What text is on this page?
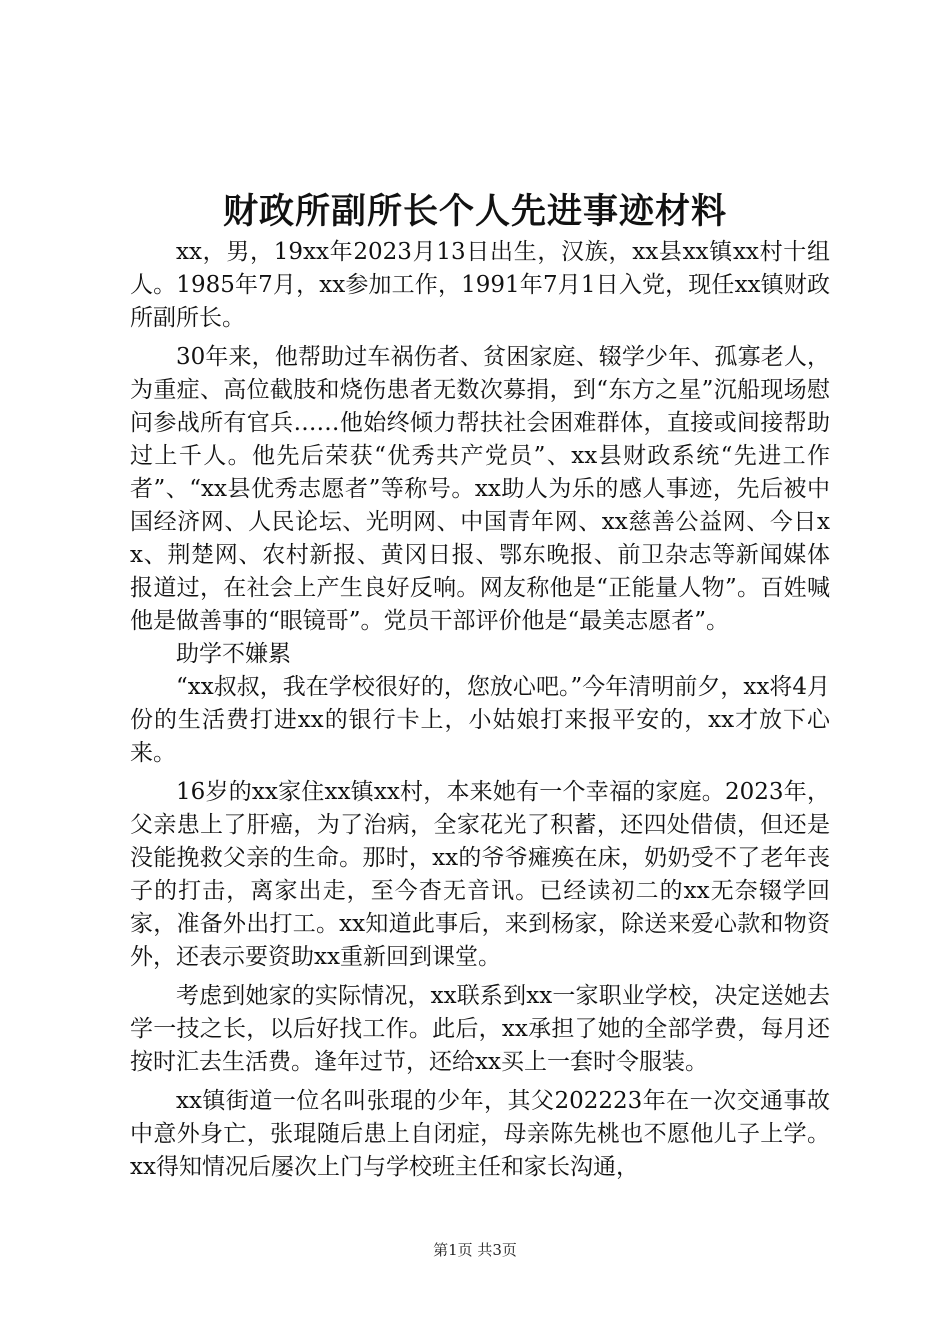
财政所副所长个人先进事迹材料

xx，男，19xx年2023月13日出生，汉族，xx县xx镇xx村十组人。1985年7月，xx参加工作，1991年7月1日入党，现任xx镇财政所副所长。

30年来，他帮助过车祸伤者、贫困家庭、辍学少年、孤寡老人，为重症、高位截肢和烧伤患者无数次募捐，到“东方之星”沉船现场慰问参战所有官兵……他始终倾力帮扶社会困难群体，直接或间接帮助过上千人。他先后荣获“优秀共产党员”、xx县财政系统“先进工作者”、“xx县优秀志愿者”等称号。xx助人为乐的感人事迹，先后被中国经济网、人民论坛、光明网、中国青年网、xx慈善公益网、今日xx、荆楚网、农村新报、黄冈日报、鄂东晚报、前卫杂志等新闻媒体报道过，在社会上产生良好反响。网友称他是“正能量人物”。百姓喊他是做善事的“眼镜哥”。党员干部评价他是“最美志愿者”。

助学不嫌累

“xx叔叔，我在学校很好的，您放心吧。”今年清明前夕，xx将4月份的生活费打进xx的银行卡上，小姑娘打来报平安的，xx才放下心来。

16岁的xx家住xx镇xx村，本来她有一个幸福的家庭。2023年，父亲患上了肝癌，为了治病，全家花光了积蓄，还四处借债，但还是没能挽救父亲的生命。那时，xx的爷爷瘫痪在床，奶奶受不了老年丧子的打击，离家出走，至今杳无音讯。已经读初二的xx无奈辍学回家，准备外出打工。xx知道此事后，来到杨家，除送来爱心款和物资外，还表示要资助xx重新回到课堂。

考虑到她家的实际情况，xx联系到xx一家职业学校，决定送她去学一技之长，以后好找工作。此后，xx承担了她的全部学费，每月还按时汇去生活费。逢年过节，还给xx买上一套时令服装。

xx镇街道一位名叫张琨的少年，其父202223年在一次交通事故中意外身亡，张琨随后患上自闭症，母亲陈先桃也不愿他儿子上学。xx得知情况后屡次上门与学校班主任和家长沟通，

第1页 共3页
